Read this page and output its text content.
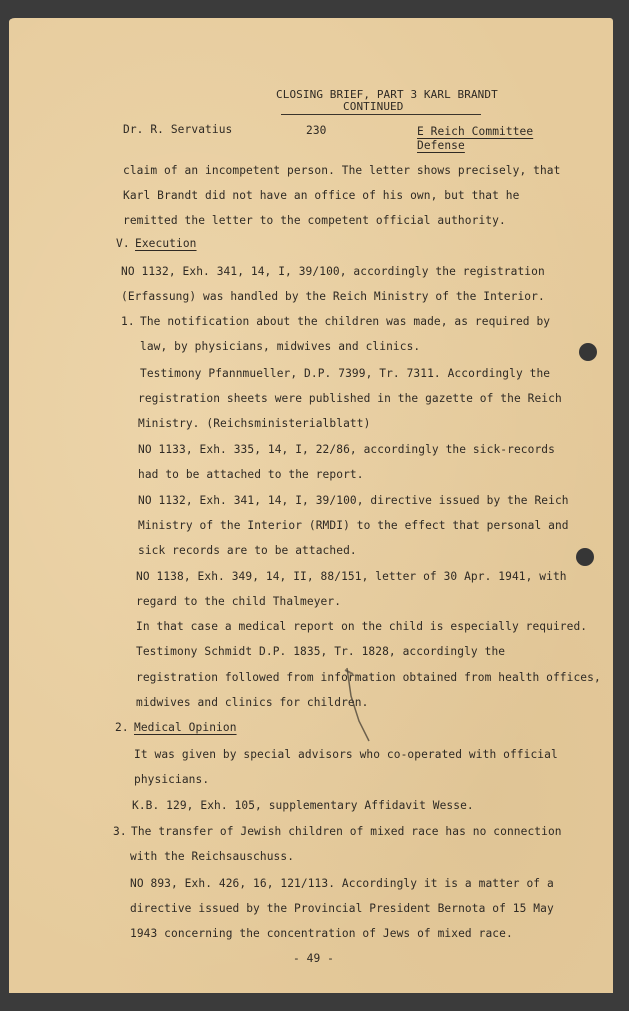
CLOSING BRIEF, PART 3 KARL BRANDT
CONTINUED
Dr. R. Servatius	230	E Reich Committee
Defense
claim of an incompetent person. The letter shows precisely, that
Karl Brandt did not have an office of his own, but that he
remitted the letter to the competent official authority.
V. Execution
NO 1132, Exh. 341, 14, I, 39/100, accordingly the registration
(Erfassung) was handled by the Reich Ministry of the Interior.
1. The notification about the children was made, as required by
law, by physicians, midwives and clinics.
Testimony Pfannmueller, D.P. 7399, Tr. 7311. Accordingly the
registration sheets were published in the gazette of the Reich
Ministry. (Reichsministerialblatt)
NO 1133, Exh. 335, 14, I, 22/86, accordingly the sick-records
had to be attached to the report.
NO 1132, Exh. 341, 14, I, 39/100, directive issued by the Reich
Ministry of the Interior (RMDI) to the effect that personal and
sick records are to be attached.
NO 1138, Exh. 349, 14, II, 88/151, letter of 30 Apr. 1941, with
regard to the child Thalmeyer.
In that case a medical report on the child is especially required.
Testimony Schmidt D.P. 1835, Tr. 1828, accordingly the
registration followed from information obtained from health offices,
midwives and clinics for children.
2. Medical Opinion
It was given by special advisors who co-operated with official
physicians.
K.B. 129, Exh. 105, supplementary Affidavit Wesse.
3. The transfer of Jewish children of mixed race has no connection
with the Reichsauschuss.
NO 893, Exh. 426, 16, 121/113. Accordingly it is a matter of a
directive issued by the Provincial President Bernota of 15 May
1943 concerning the concentration of Jews of mixed race.
- 49 -
